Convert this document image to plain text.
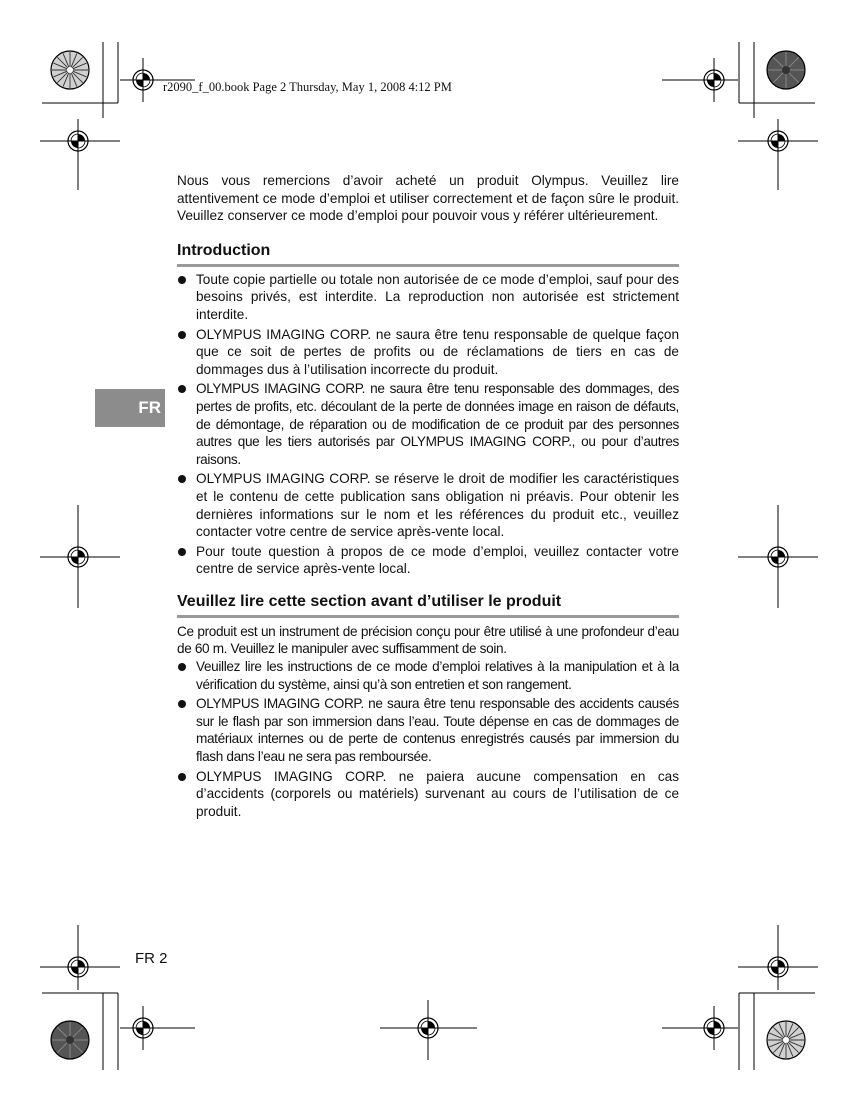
r2090_f_00.book Page 2 Thursday, May 1, 2008 4:12 PM
FR

Nous vous remercions d’avoir acheté un produit Olympus. Veuillez lire attentivement ce mode d’emploi et utiliser correctement et de façon sûre le produit. Veuillez conserver ce mode d’emploi pour pouvoir vous y référer ultérieurement.

Introduction
Toute copie partielle ou totale non autorisée de ce mode d’emploi, sauf pour des besoins privés, est interdite. La reproduction non autorisée est strictement interdite.
OLYMPUS IMAGING CORP. ne saura être tenu responsable de quelque façon que ce soit de pertes de profits ou de réclamations de tiers en cas de dommages dus à l’utilisation incorrecte du produit.
OLYMPUS IMAGING CORP. ne saura être tenu responsable des dommages, des pertes de profits, etc. découlant de la perte de données image en raison de défauts, de démontage, de réparation ou de modification de ce produit par des personnes autres que les tiers autorisés par OLYMPUS IMAGING CORP., ou pour d’autres raisons.
OLYMPUS IMAGING CORP. se réserve le droit de modifier les caractéristiques et le contenu de cette publication sans obligation ni préavis. Pour obtenir les dernières informations sur le nom et les références du produit etc., veuillez contacter votre centre de service après-vente local.
Pour toute question à propos de ce mode d’emploi, veuillez contacter votre centre de service après-vente local.
Veuillez lire cette section avant d’utiliser le produit

Ce produit est un instrument de précision conçu pour être utilisé à une profondeur d’eau de 60 m. Veuillez le manipuler avec suffisamment de soin.

Veuillez lire les instructions de ce mode d’emploi relatives à la manipulation et à la vérification du système, ainsi qu’à son entretien et son rangement.
OLYMPUS IMAGING CORP. ne saura être tenu responsable des accidents causés sur le flash par son immersion dans l’eau. Toute dépense en cas de dommages de matériaux internes ou de perte de contenus enregistrés causés par immersion du flash dans l’eau ne sera pas remboursée.
OLYMPUS IMAGING CORP. ne paiera aucune compensation en cas d’accidents (corporels ou matériels) survenant au cours de l’utilisation de ce produit.
FR 2
